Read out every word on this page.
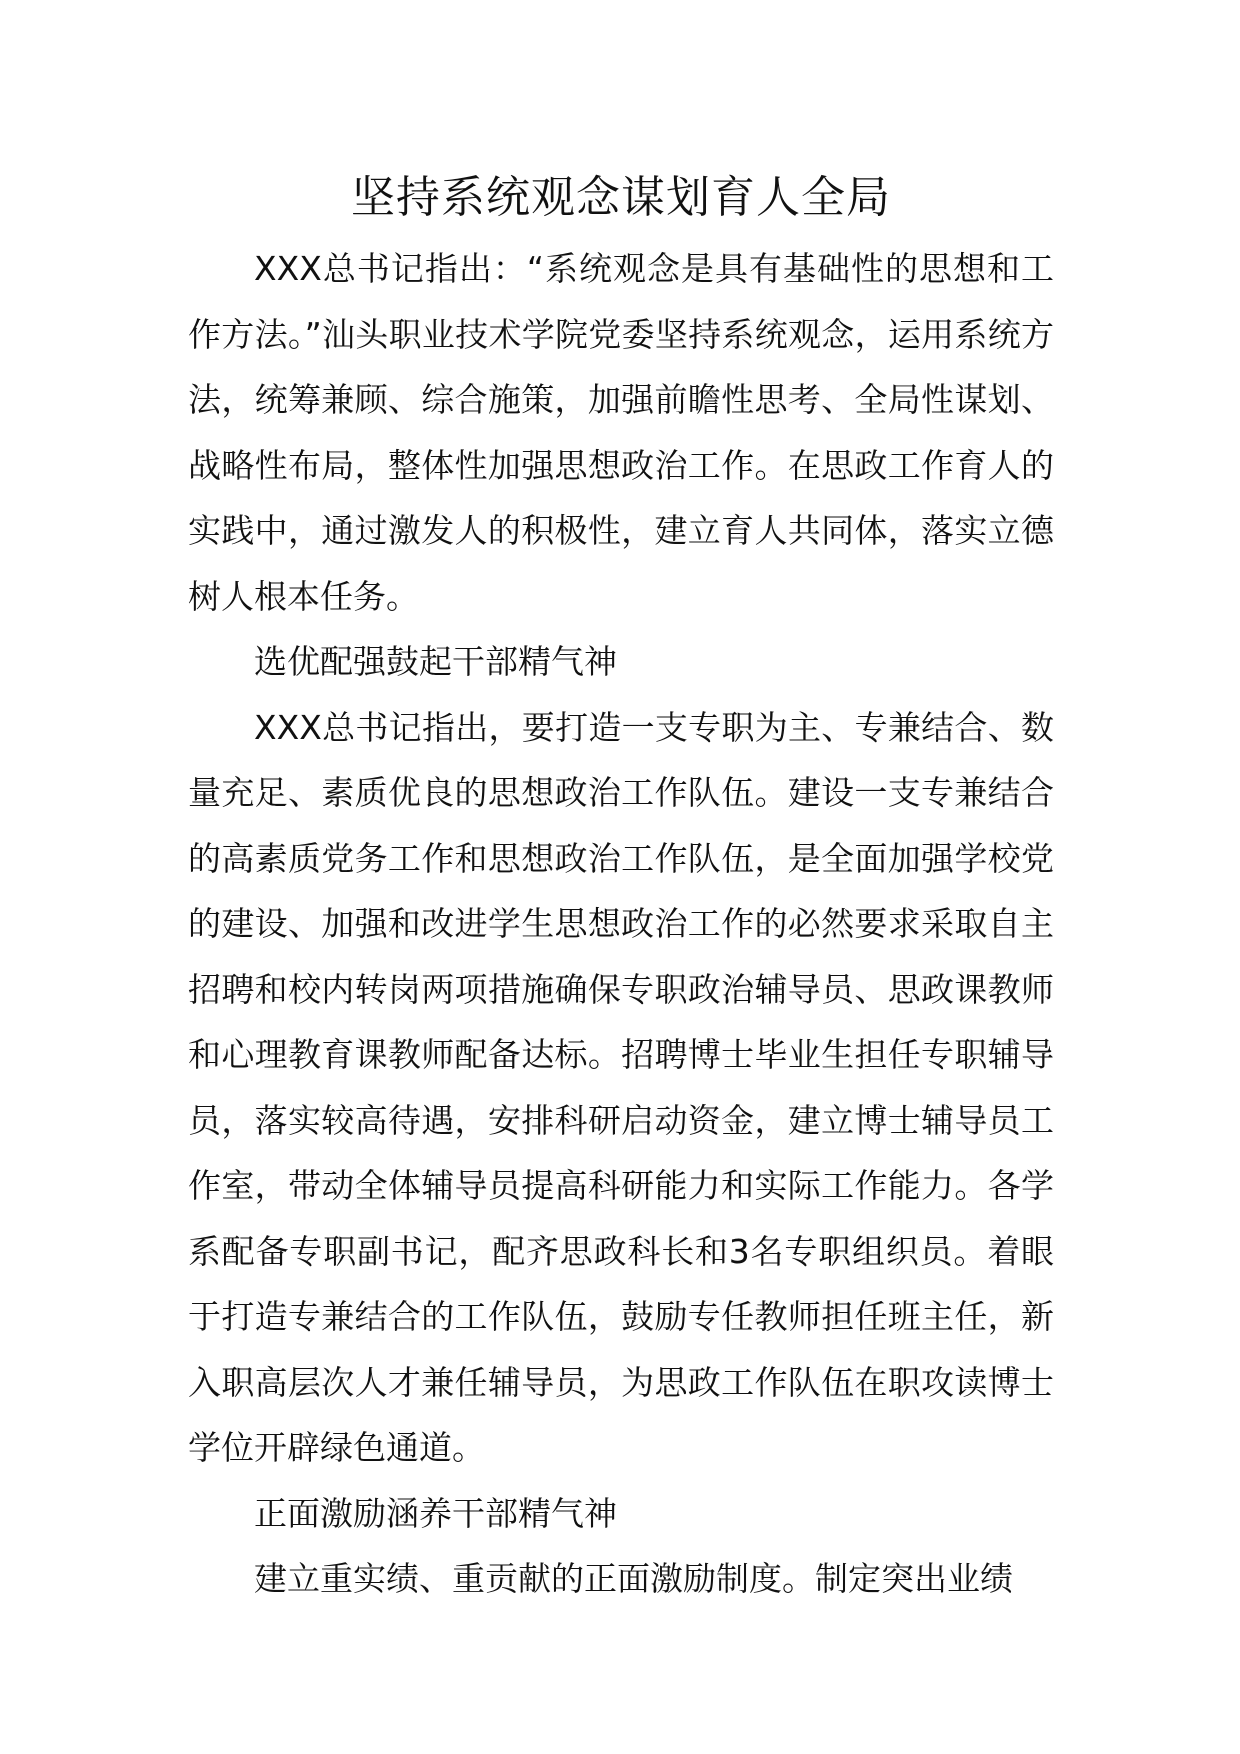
坚持系统观念谋划育人全局

XXX总书记指出：“系统观念是具有基础性的思想和工作方法。”汕头职业技术学院党委坚持系统观念，运用系统方法，统筹兼顾、综合施策，加强前瞻性思考、全局性谋划、战略性布局，整体性加强思想政治工作。在思政工作育人的实践中，通过激发人的积极性，建立育人共同体，落实立德树人根本任务。

选优配强鼓起干部精气神

XXX总书记指出，要打造一支专职为主、专兼结合、数量充足、素质优良的思想政治工作队伍。建设一支专兼结合的高素质党务工作和思想政治工作队伍，是全面加强学校党的建设、加强和改进学生思想政治工作的必然要求采取自主招聘和校内转岗两项措施确保专职政治辅导员、思政课教师和心理教育课教师配备达标。招聘博士毕业生担任专职辅导员，落实较高待遇，安排科研启动资金，建立博士辅导员工作室，带动全体辅导员提高科研能力和实际工作能力。各学系配备专职副书记，配齐思政科长和3名专职组织员。着眼于打造专兼结合的工作队伍，鼓励专任教师担任班主任，新入职高层次人才兼任辅导员，为思政工作队伍在职攻读博士学位开辟绿色通道。

正面激励涵养干部精气神

建立重实绩、重贡献的正面激励制度。制定突出业绩
